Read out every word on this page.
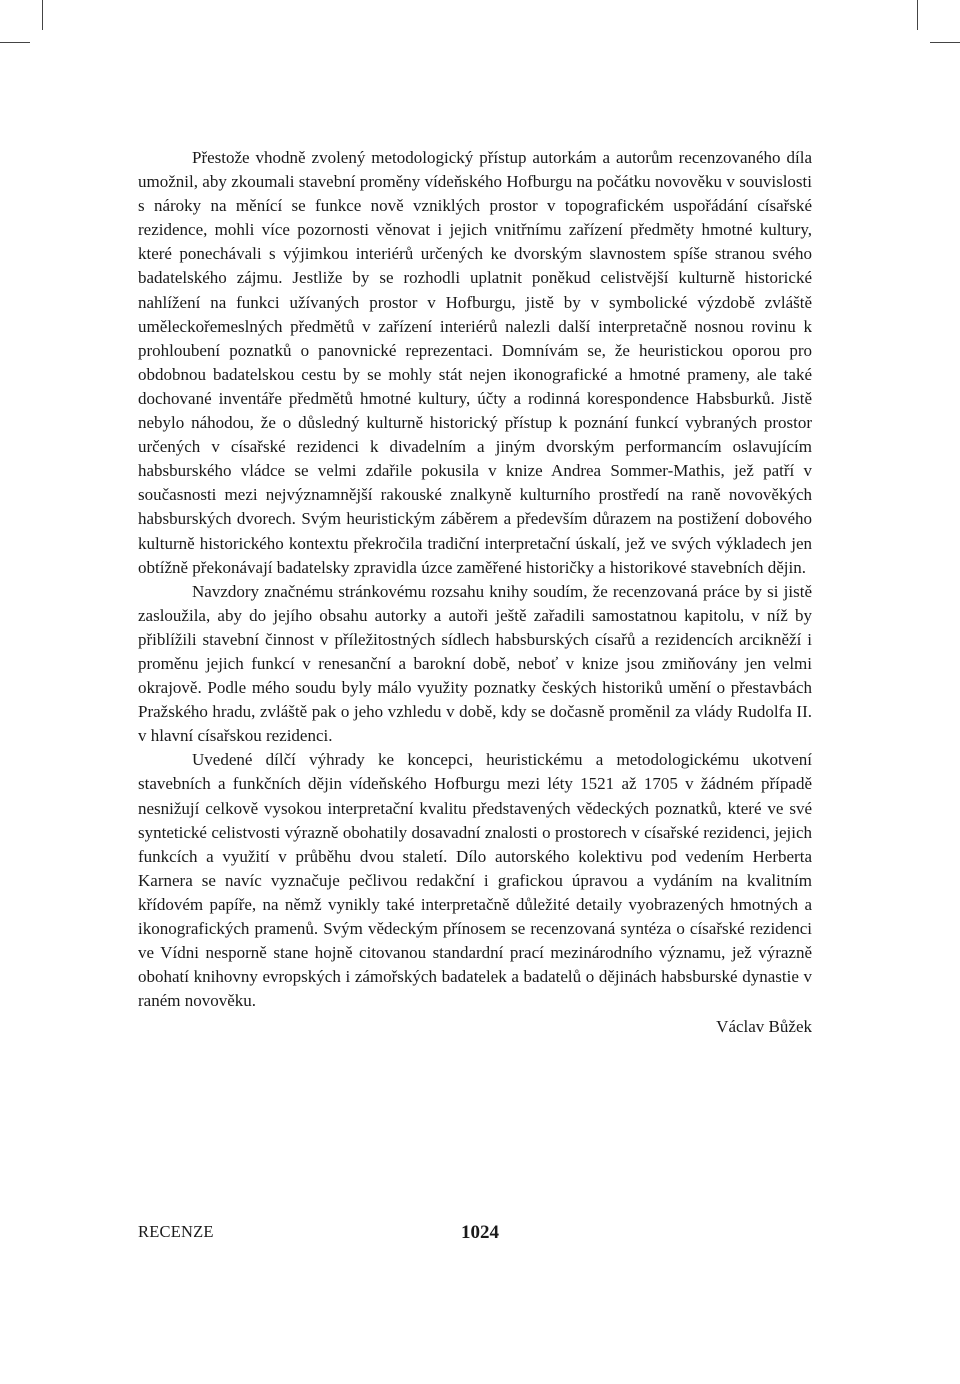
Přestože vhodně zvolený metodologický přístup autorkám a autorům recenzovaného díla umožnil, aby zkoumali stavební proměny vídeňského Hofburgu na počátku novověku v souvislosti s nároky na měnící se funkce nově vzniklých prostor v topografickém uspořádání císařské rezidence, mohli více pozornosti věnovat i jejich vnitřnímu zařízení předměty hmotné kultury, které ponechávali s výjimkou interiérů určených ke dvorským slavnostem spíše stranou svého badatelského zájmu. Jestliže by se rozhodli uplatnit poněkud celistvější kulturně historické nahlížení na funkci užívaných prostor v Hofburgu, jistě by v symbolické výzdobě zvláště uměleckořemeslných předmětů v zařízení interiérů nalezli další interpretačně nosnou rovinu k prohloubení poznatků o panovnické reprezentaci. Domnívám se, že heuristickou oporou pro obdobnou badatelskou cestu by se mohly stát nejen ikonografické a hmotné prameny, ale také dochované inventáře předmětů hmotné kultury, účty a rodinná korespondence Habsburků. Jistě nebylo náhodou, že o důsledný kulturně historický přístup k poznání funkcí vybraných prostor určených v císařské rezidenci k divadelním a jiným dvorským performancím oslavujícím habsburského vládce se velmi zdařile pokusila v knize Andrea Sommer-Mathis, jež patří v současnosti mezi nejvýznamnější rakouské znalkyně kulturního prostředí na raně novověkých habsburských dvorech. Svým heuristickým záběrem a především důrazem na postižení dobového kulturně historického kontextu překročila tradiční interpretační úskalí, jež ve svých výkladech jen obtížně překonávají badatelsky zpravidla úzce zaměřené historičky a historikové stavebních dějin.

Navzdory značnému stránkovému rozsahu knihy soudím, že recenzovaná práce by si jistě zasloužila, aby do jejího obsahu autorky a autoři ještě zařadili samostatnou kapitolu, v níž by přiblížili stavební činnost v příležitostných sídlech habsburských císařů a rezidencích arcikněží i proměnu jejich funkcí v renesanční a barokní době, neboť v knize jsou zmiňovány jen velmi okrajově. Podle mého soudu byly málo využity poznatky českých historiků umění o přestavbách Pražského hradu, zvláště pak o jeho vzhledu v době, kdy se dočasně proměnil za vlády Rudolfa II. v hlavní císařskou rezidenci.

Uvedené dílčí výhrady ke koncepci, heuristickému a metodologickému ukotvení stavebních a funkčních dějin vídeňského Hofburgu mezi léty 1521 až 1705 v žádném případě nesnižují celkově vysokou interpretační kvalitu představených vědeckých poznatků, které ve své syntetické celistvosti výrazně obohatily dosavadní znalosti o prostorech v císařské rezidenci, jejich funkcích a využití v průběhu dvou staletí. Dílo autorského kolektivu pod vedením Herberta Karnera se navíc vyznačuje pečlivou redakční i grafickou úpravou a vydáním na kvalitním křídovém papíře, na němž vynikly také interpretačně důležité detaily vyobrazených hmotných a ikonografických pramenů. Svým vědeckým přínosem se recenzovaná syntéza o císařské rezidenci ve Vídni nesporně stane hojně citovanou standardní prací mezinárodního významu, jež výrazně obohatí knihovny evropských i zámořských badatelek a badatelů o dějinách habsburské dynastie v raném novověku.

Václav Bůžek
RECENZE	1024
